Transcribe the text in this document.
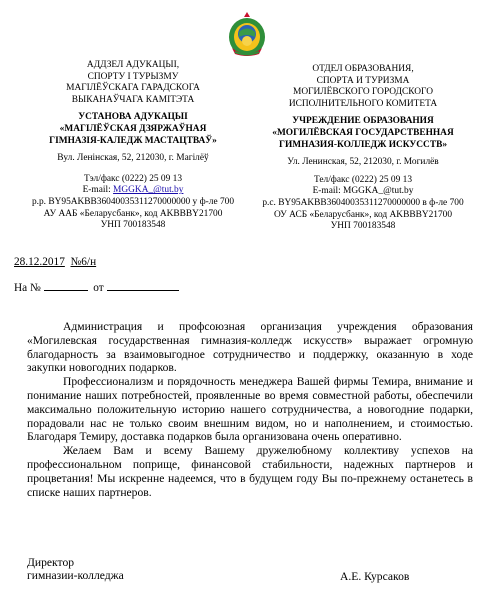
АДДЗЕЛ АДУКАЦЫІ,
СПОРТУ І ТУРЫЗМУ
МАГІЛЁЎСКАГА ГАРАДСКОГА
ВЫКАНАЎЧАГА КАМІТЭТА
УСТАНОВА АДУКАЦЫІ
«МАГІЛЁЎСКАЯ ДЗЯРЖАЎНАЯ
ГІМНАЗІЯ-КАЛЕДЖ МАСТАЦТВАЎ»
Вул. Ленінская, 52, 212030, г. Магілёў
Тэл/факс (0222) 25 09 13
E-mail: MGGKA_@tut.by
р.р. BY95AKBB36040035311270000000 у ф-ле 700
АУ ААБ «Беларусбанк», код AKBBBY21700
УНП 700183548
ОТДЕЛ ОБРАЗОВАНИЯ,
СПОРТА И ТУРИЗМА
МОГИЛЁВСКОГО ГОРОДСКОГО
ИСПОЛНИТЕЛЬНОГО КОМИТЕТА
УЧРЕЖДЕНИЕ ОБРАЗОВАНИЯ
«МОГИЛЁВСКАЯ ГОСУДАРСТВЕННАЯ
ГИМНАЗИЯ-КОЛЛЕДЖ ИСКУССТВ»
Ул. Ленинская, 52, 212030, г. Могилёв
Тел/факс (0222) 25 09 13
E-mail: MGGKA_@tut.by
р.с. BY95AKBB36040035311270000000 в ф-ле 700
ОУ АСБ «Беларусбанк», код AKBBBY21700
УНП 700183548
28.12.2017 №6/н
На №	от

Администрация и профсоюзная организация учреждения образования «Могилевская государственная гимназия-колледж искусств» выражает огромную благодарность за взаимовыгодное сотрудничество и поддержку, оказанную в ходе закупки новогодних подарков.

Профессионализм и порядочность менеджера Вашей фирмы Темира, внимание и понимание наших потребностей, проявленные во время совместной работы, обеспечили максимально положительную историю нашего сотрудничества, а новогодние подарки, порадовали нас не только своим внешним видом, но и наполнением, и стоимостью. Благодаря Темиру, доставка подарков была организована очень оперативно.

Желаем Вам и всему Вашему дружелюбному коллективу успехов на профессиональном поприще, финансовой стабильности, надежных партнеров и процветания! Мы искренне надеемся, что в будущем году Вы по-прежнему останетесь в списке наших партнеров.

Директор
гимназии-колледжа	А.Е. Курсаков
